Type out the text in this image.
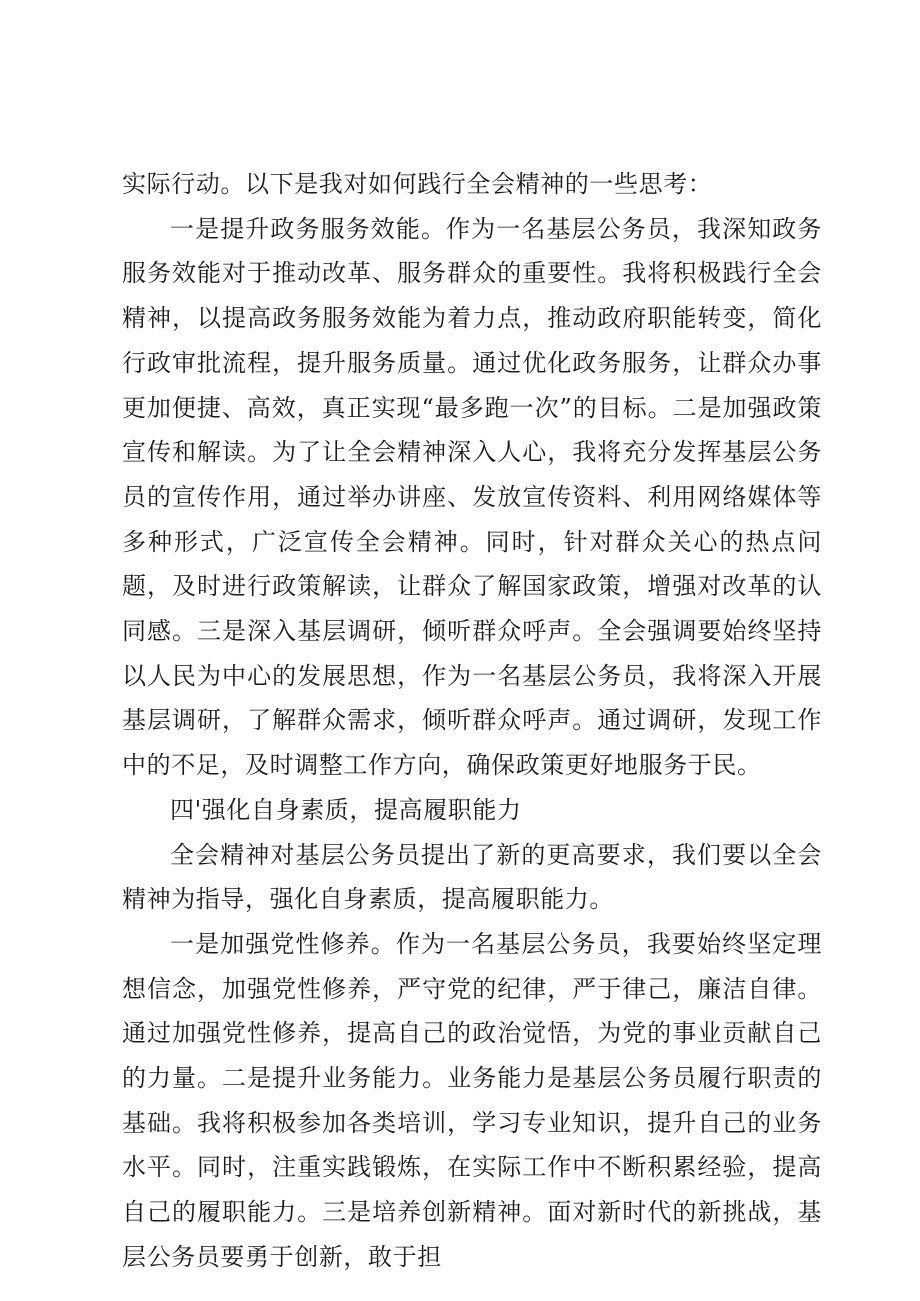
实际行动。以下是我对如何践行全会精神的一些思考：

一是提升政务服务效能。作为一名基层公务员，我深知政务服务效能对于推动改革、服务群众的重要性。我将积极践行全会精神，以提高政务服务效能为着力点，推动政府职能转变，简化行政审批流程，提升服务质量。通过优化政务服务，让群众办事更加便捷、高效，真正实现“最多跑一次”的目标。二是加强政策宣传和解读。为了让全会精神深入人心，我将充分发挥基层公务员的宣传作用，通过举办讲座、发放宣传资料、利用网络媒体等多种形式，广泛宣传全会精神。同时，针对群众关心的热点问题，及时进行政策解读，让群众了解国家政策，增强对改革的认同感。三是深入基层调研，倾听群众呼声。全会强调要始终坚持以人民为中心的发展思想，作为一名基层公务员，我将深入开展基层调研，了解群众需求，倾听群众呼声。通过调研，发现工作中的不足，及时调整工作方向，确保政策更好地服务于民。

四'强化自身素质，提高履职能力

全会精神对基层公务员提出了新的更高要求，我们要以全会精神为指导，强化自身素质，提高履职能力。

一是加强党性修养。作为一名基层公务员，我要始终坚定理想信念，加强党性修养，严守党的纪律，严于律己，廉洁自律。通过加强党性修养，提高自己的政治觉悟，为党的事业贡献自己的力量。二是提升业务能力。业务能力是基层公务员履行职责的基础。我将积极参加各类培训，学习专业知识，提升自己的业务水平。同时，注重实践锻炼，在实际工作中不断积累经验，提高自己的履职能力。三是培养创新精神。面对新时代的新挑战，基层公务员要勇于创新，敢于担
